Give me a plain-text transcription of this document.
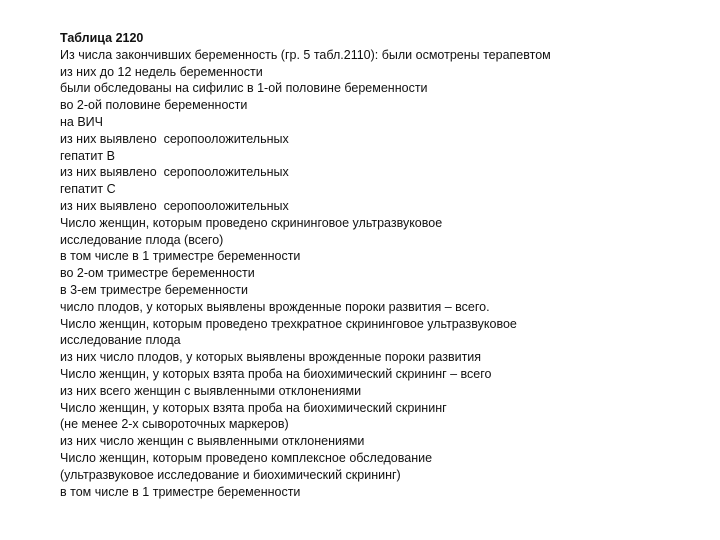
Таблица 2120
Из числа закончивших беременность (гр. 5 табл.2110): были осмотрены терапевтом
из них до 12 недель беременности
были обследованы на сифилис в 1-ой половине беременности
во 2-ой половине беременности
на ВИЧ
из них выявлено  серопооложительных
гепатит В
из них выявлено  серопооложительных
гепатит С
из них выявлено  серопооложительных
Число женщин, которым проведено скрининговое ультразвуковое
исследование плода (всего)
в том числе в 1 триместре беременности
во 2-ом триместре беременности
в 3-ем триместре беременности
число плодов, у которых выявлены врожденные пороки развития – всего.
Число женщин, которым проведено трехкратное скрининговое ультразвуковое
исследование плода
из них число плодов, у которых выявлены врожденные пороки развития
Число женщин, у которых взята проба на биохимический скрининг – всего
из них всего женщин с выявленными отклонениями
Число женщин, у которых взята проба на биохимический скрининг
(не менее 2-х сывороточных маркеров)
из них число женщин с выявленными отклонениями
Число женщин, которым проведено комплексное обследование
(ультразвуковое исследование и биохимический скрининг)
в том числе в 1 триместре беременности
